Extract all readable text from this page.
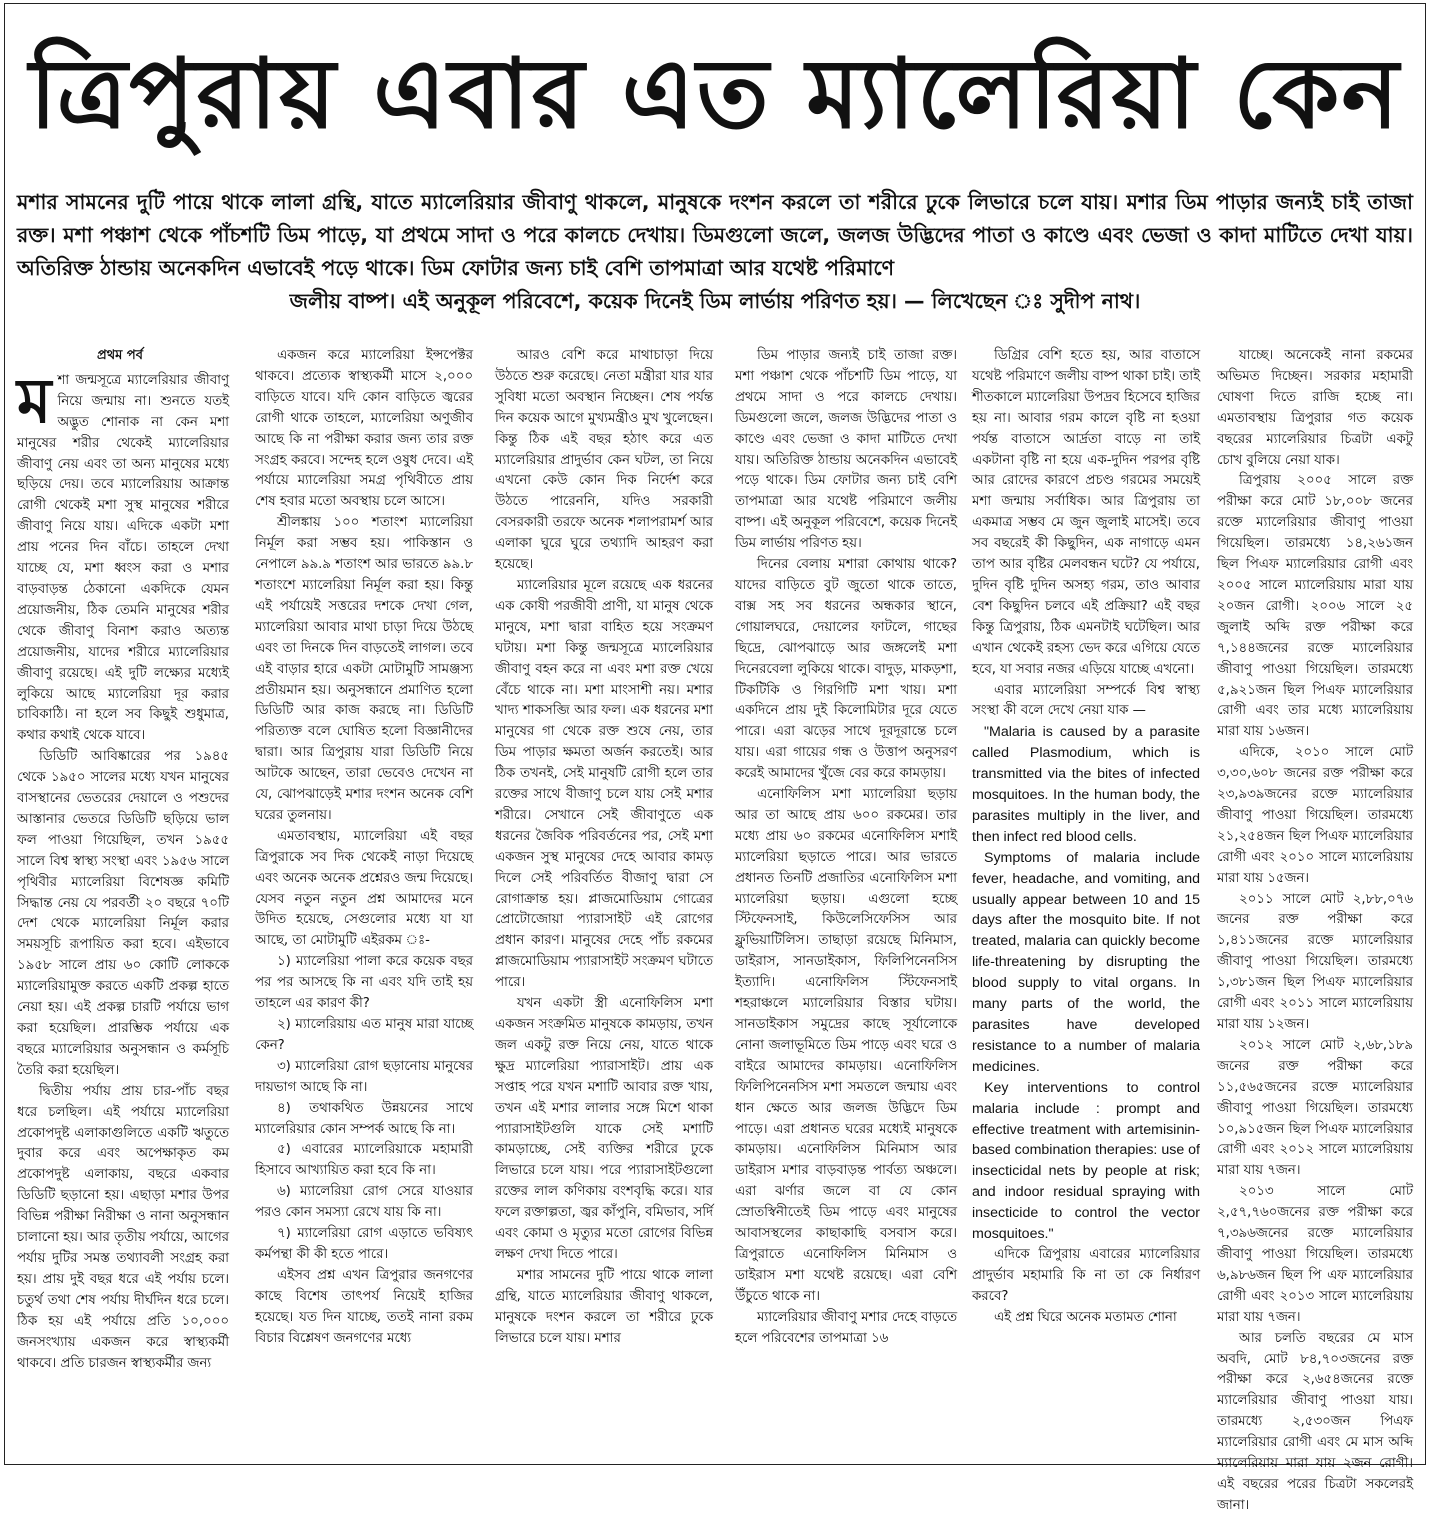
ত্রিপুরায় এবার এত ম্যালেরিয়া কেন
মশার সামনের দুটি পায়ে থাকে লালা গ্রন্থি, যাতে ম্যালেরিয়ার জীবাণু থাকলে, মানুষকে দংশন করলে তা শরীরে ঢুকে লিভারে চলে যায়। মশার ডিম পাড়ার জন্যই চাই তাজা রক্ত। মশা পঞ্চাশ থেকে পাঁচশটি ডিম পাড়ে, যা প্রথমে সাদা ও পরে কালচে দেখায়। ডিমগুলো জলে, জলজ উদ্ভিদের পাতা ও কাণ্ডে এবং ভেজা ও কাদা মাটিতে দেখা যায়। অতিরিক্ত ঠান্ডায় অনেকদিন এভাবেই পড়ে থাকে। ডিম ফোটার জন্য চাই বেশি তাপমাত্রা আর যথেষ্ট পরিমাণে
জলীয় বাষ্প। এই অনুকূল পরিবেশে, কয়েক দিনেই ডিম লার্ভায় পরিণত হয়। — লিখেছেন ঃ সুদীপ নাথ।
প্রথম পর্ব

মশা জন্মসূত্রে ম্যালেরিয়ার জীবাণু নিয়ে জন্মায় না। শুনতে যতই অদ্ভুত শোনাক না কেন মশা মানুষের শরীর থেকেই ম্যালেরিয়ার জীবাণু নেয় এবং তা অন্য মানুষের মধ্যে ছড়িয়ে দেয়। তবে ম্যালেরিয়ায় আক্রান্ত রোগী থেকেই মশা সুস্থ মানুষের শরীরে জীবাণু নিয়ে যায়। এদিকে একটা মশা প্রায় পনের দিন বাঁচে। তাহলে দেখা যাচ্ছে যে, মশা ধ্বংস করা ও মশার বাড়বাড়ন্ত ঠেকানো একদিকে যেমন প্রয়োজনীয়, ঠিক তেমনি মানুষের শরীর থেকে জীবাণু বিনাশ করাও অত্যন্ত প্রয়োজনীয়, যাদের শরীরে ম্যালেরিয়ার জীবাণু রয়েছে। এই দুটি লক্ষ্যের মধ্যেই লুকিয়ে আছে ম্যালেরিয়া দূর করার চাবিকাঠি। না হলে সব কিছুই শুধুমাত্র, কথার কথাই থেকে যাবে।

ডিডিটি আবিষ্কারের পর ১৯৪৫ থেকে ১৯৫০ সালের মধ্যে যখন মানুষের বাসস্থানের ভেতরের দেয়ালে ও পশুদের আস্তানার ভেতরে ডিডিটি ছড়িয়ে ভাল ফল পাওয়া গিয়েছিল, তখন ১৯৫৫ সালে বিশ্ব স্বাস্থ্য সংস্থা এবং ১৯৫৬ সালে পৃথিবীর ম্যালেরিয়া বিশেষজ্ঞ কমিটি সিদ্ধান্ত নেয় যে পরবর্তী ২০ বছরে ৭০টি দেশ থেকে ম্যালেরিয়া নির্মূল করার সময়সূচি রূপায়িত করা হবে। এইভাবে ১৯৫৮ সালে প্রায় ৬০ কোটি লোককে ম্যালেরিয়ামুক্ত করতে একটি প্রকল্প হাতে নেয়া হয়। এই প্রকল্প চারটি পর্যায়ে ভাগ করা হয়েছিল। প্রারম্ভিক পর্যায়ে এক বছরে ম্যালেরিয়ার অনুসন্ধান ও কর্মসূচি তৈরি করা হয়েছিল।

দ্বিতীয় পর্যায় প্রায় চার-পাঁচ বছর ধরে চলছিল। এই পর্যায়ে ম্যালেরিয়া প্রকোপদুষ্ট এলাকাগুলিতে একটি ঋতুতে দুবার করে এবং অপেক্ষাকৃত কম প্রকোপদুষ্ট এলাকায়, বছরে একবার ডিডিটি ছড়ানো হয়। এছাড়া মশার উপর বিভিন্ন পরীক্ষা নিরীক্ষা ও নানা অনুসন্ধান চালানো হয়। আর তৃতীয় পর্যায়ে, আগের পর্যায় দুটির সমস্ত তথ্যাবলী সংগ্রহ করা হয়। প্রায় দুই বছর ধরে এই পর্যায় চলে। চতুর্থ তথা শেষ পর্যায় দীর্ঘদিন ধরে চলে। ঠিক হয় এই পর্যায়ে প্রতি ১০,০০০ জনসংখ্যায় একজন করে স্বাস্থ্যকর্মী থাকবে। প্রতি চারজন স্বাস্থ্যকর্মীর জন্য

একজন করে ম্যালেরিয়া ইন্সপেক্টর থাকবে। প্রত্যেক স্বাস্থ্যকর্মী মাসে ২,০০০ বাড়িতে যাবে। যদি কোন বাড়িতে জ্বরের রোগী থাকে তাহলে, ম্যালেরিয়া অণুজীব আছে কি না পরীক্ষা করার জন্য তার রক্ত সংগ্রহ করবে। সন্দেহ হলে ওষুধ দেবে। এই পর্যায়ে ম্যালেরিয়া সমগ্র পৃথিবীতে প্রায় শেষ হবার মতো অবস্থায় চলে আসে।

শ্রীলঙ্কায় ১০০ শতাংশ ম্যালেরিয়া নির্মূল করা সম্ভব হয়। পাকিস্তান ও নেপালে ৯৯.৯ শতাংশ আর ভারতে ৯৯.৮ শতাংশে ম্যালেরিয়া নির্মূল করা হয়। কিন্তু এই পর্যায়েই সত্তরের দশকে দেখা গেল, ম্যালেরিয়া আবার মাথা চাড়া দিয়ে উঠছে এবং তা দিনকে দিন বাড়তেই লাগল। তবে এই বাড়ার হারে একটা মোটামুটি সামঞ্জস্য প্রতীয়মান হয়। অনুসন্ধানে প্রমাণিত হলো ডিডিটি আর কাজ করছে না। ডিডিটি পরিত্যক্ত বলে ঘোষিত হলো বিজ্ঞানীদের দ্বারা। আর ত্রিপুরায় যারা ডিডিটি নিয়ে আটকে আছেন, তারা ভেবেও দেখেন না যে, ঝোপঝাড়েই মশার দংশন অনেক বেশি ঘরের তুলনায়।

এমতাবস্থায়, ম্যালেরিয়া এই বছর ত্রিপুরাকে সব দিক থেকেই নাড়া দিয়েছে এবং অনেক অনেক প্রশ্নেরও জন্ম দিয়েছে। যেসব নতুন নতুন প্রশ্ন আমাদের মনে উদিত হয়েছে, সেগুলোর মধ্যে যা যা আছে, তা মোটামুটি এইরকম ঃ-

১) ম্যালেরিয়া পালা করে কয়েক বছর পর পর আসছে কি না এবং যদি তাই হয় তাহলে এর কারণ কী?

২) ম্যালেরিয়ায় এত মানুষ মারা যাচ্ছে কেন?

৩) ম্যালেরিয়া রোগ ছড়ানোয় মানুষের দায়ভাগ আছে কি না।

৪) তথাকথিত উন্নয়নের সাথে ম্যালেরিয়ার কোন সম্পর্ক আছে কি না।

৫) এবারের ম্যালেরিয়াকে মহামারী হিসাবে আখ্যায়িত করা হবে কি না।

৬) ম্যালেরিয়া রোগ সেরে যাওয়ার পরও কোন সমস্যা রেখে যায় কি না।

৭) ম্যালেরিয়া রোগ এড়াতে ভবিষ্যৎ কর্মপন্থা কী কী হতে পারে।

এইসব প্রশ্ন এখন ত্রিপুরার জনগণের কাছে বিশেষ তাৎপর্য নিয়েই হাজির হয়েছে। যত দিন যাচ্ছে, ততই নানা রকম বিচার বিশ্লেষণ জনগণের মধ্যে

আরও বেশি করে মাথাচাড়া দিয়ে উঠতে শুরু করেছে। নেতা মন্ত্রীরা যার যার সুবিধা মতো অবস্থান নিচ্ছেন। শেষ পর্যন্ত দিন কয়েক আগে মুখ্যমন্ত্রীও মুখ খুলেছেন। কিন্তু ঠিক এই বছর হঠাৎ করে এত ম্যালেরিয়ার প্রাদুর্ভাব কেন ঘটল, তা নিয়ে এখনো কেউ কোন দিক নির্দেশ করে উঠতে পারেননি, যদিও সরকারী বেসরকারী তরফে অনেক শলাপরামর্শ আর এলাকা ঘুরে ঘুরে তথ্যাদি আহরণ করা হয়েছে।

ম্যালেরিয়ার মূলে রয়েছে এক ধরনের এক কোষী পরজীবী প্রাণী, যা মানুষ থেকে মানুষে, মশা দ্বারা বাহিত হয়ে সংক্রমণ ঘটায়। মশা কিন্তু জন্মসূত্রে ম্যালেরিয়ার জীবাণু বহন করে না এবং মশা রক্ত খেয়ে বেঁচে থাকে না। মশা মাংসাশী নয়। মশার খাদ্য শাকসব্জি আর ফল। এক ধরনের মশা মানুষের গা থেকে রক্ত শুষে নেয়, তার ডিম পাড়ার ক্ষমতা অর্জন করতেই। আর ঠিক তখনই, সেই মানুষটি রোগী হলে তার রক্তের সাথে বীজাণু চলে যায় সেই মশার শরীরে। সেখানে সেই জীবাণুতে এক ধরনের জৈবিক পরিবর্তনের পর, সেই মশা একজন সুস্থ মানুষের দেহে আবার কামড় দিলে সেই পরিবর্তিত বীজাণু দ্বারা সে রোগাক্রান্ত হয়। প্লাজমোডিয়াম গোত্রের প্রোটোজোয়া প্যারাসাইট এই রোগের প্রধান কারণ। মানুষের দেহে পাঁচ রকমের প্লাজমোডিয়াম প্যারাসাইট সংক্রমণ ঘটাতে পারে।

যখন একটা স্ত্রী এনোফিলিস মশা একজন সংক্রমিত মানুষকে কামড়ায়, তখন জল একটু রক্ত নিয়ে নেয়, যাতে থাকে ক্ষুদ্র ম্যালেরিয়া প্যারাসাইট। প্রায় এক সপ্তাহ পরে যখন মশাটি আবার রক্ত খায়, তখন এই মশার লালার সঙ্গে মিশে থাকা প্যারাসাইটগুলি যাকে সেই মশাটি কামড়াচ্ছে, সেই ব্যক্তির শরীরে ঢুকে লিভারে চলে যায়। পরে প্যারাসাইটগুলো রক্তের লাল কণিকায় বংশবৃদ্ধি করে। যার ফলে রক্তাল্পতা, জ্বর কাঁপুনি, বমিভাব, সর্দি এবং কোমা ও মৃত্যুর মতো রোগের বিভিন্ন লক্ষণ দেখা দিতে পারে।

মশার সামনের দুটি পায়ে থাকে লালা গ্রন্থি, যাতে ম্যালেরিয়ার জীবাণু থাকলে, মানুষকে দংশন করলে তা শরীরে ঢুকে লিভারে চলে যায়। মশার

ডিম পাড়ার জন্যই চাই তাজা রক্ত। মশা পঞ্চাশ থেকে পাঁচশটি ডিম পাড়ে, যা প্রথমে সাদা ও পরে কালচে দেখায়। ডিমগুলো জলে, জলজ উদ্ভিদের পাতা ও কাণ্ডে এবং ভেজা ও কাদা মাটিতে দেখা যায়। অতিরিক্ত ঠান্ডায় অনেকদিন এভাবেই পড়ে থাকে। ডিম ফোটার জন্য চাই বেশি তাপমাত্রা আর যথেষ্ট পরিমাণে জলীয় বাষ্প। এই অনুকূল পরিবেশে, কয়েক দিনেই ডিম লার্ভায় পরিণত হয়।

দিনের বেলায় মশারা কোথায় থাকে? যাদের বাড়িতে বুট জুতো থাকে তাতে, বাক্স সহ সব ধরনের অন্ধকার স্থানে, গোয়ালঘরে, দেয়ালের ফাটলে, গাছের ছিদ্রে, ঝোপঝাড়ে আর জঙ্গলেই মশা দিনেরবেলা লুকিয়ে থাকে। বাদুড়, মাকড়শা, টিকটিকি ও গিরগিটি মশা খায়। মশা একদিনে প্রায় দুই কিলোমিটার দূরে যেতে পারে। এরা ঝড়ের সাথে দূরদূরান্তে চলে যায়। এরা গায়ের গন্ধ ও উত্তাপ অনুসরণ করেই আমাদের খুঁজে বের করে কামড়ায়।

এনোফিলিস মশা ম্যালেরিয়া ছড়ায় আর তা আছে প্রায় ৬০০ রকমের। তার মধ্যে প্রায় ৬০ রকমের এনোফিলিস মশাই ম্যালেরিয়া ছড়াতে পারে। আর ভারতে প্রধানত তিনটি প্রজাতির এনোফিলিস মশা ম্যালেরিয়া ছড়ায়। এগুলো হচ্ছে স্টিফেনসাই, কিউলেসিফেসিস আর ফ্লুভিয়াটিলিস। তাছাড়া রয়েছে মিনিমাস, ডাইরাস, সানডাইকাস, ফিলিপিনেনসিস ইত্যাদি। এনোফিলিস স্টিফেনসাই শহরাঞ্চলে ম্যালেরিয়ার বিস্তার ঘটায়। সানডাইকাস সমুদ্রের কাছে সূর্যালোকে নোনা জলাভূমিতে ডিম পাড়ে এবং ঘরে ও বাইরে আমাদের কামড়ায়। এনোফিলিস ফিলিপিনেনসিস মশা সমতলে জন্মায় এবং ধান ক্ষেতে আর জলজ উদ্ভিদে ডিম পাড়ে। এরা প্রধানত ঘরের মধ্যেই মানুষকে কামড়ায়। এনোফিলিস মিনিমাস আর ডাইরাস মশার বাড়বাড়ন্ত পার্বত্য অঞ্চলে। এরা ঝর্ণার জলে বা যে কোন স্রোতস্বিনীতেই ডিম পাড়ে এবং মানুষের আবাসস্থলের কাছাকাছি বসবাস করে। ত্রিপুরাতে এনোফিলিস মিনিমাস ও ডাইরাস মশা যথেষ্ট রয়েছে। এরা বেশি উঁচুতে থাকে না।

ম্যালেরিয়ার জীবাণু মশার দেহে বাড়তে হলে পরিবেশের তাপমাত্রা ১৬

ডিগ্রির বেশি হতে হয়, আর বাতাসে যথেষ্ট পরিমাণে জলীয় বাষ্প থাকা চাই। তাই শীতকালে ম্যালেরিয়া উপদ্রব হিসেবে হাজির হয় না। আবার গরম কালে বৃষ্টি না হওয়া পর্যন্ত বাতাসে আর্দ্রতা বাড়ে না তাই একটানা বৃষ্টি না হয়ে এক-দুদিন পরপর বৃষ্টি আর রোদের কারণে প্রচণ্ড গরমের সময়েই মশা জন্মায় সর্বাধিক। আর ত্রিপুরায় তা একমাত্র সম্ভব মে জুন জুলাই মাসেই। তবে সব বছরেই কী কিছুদিন, এক নাগাড়ে এমন তাপ আর বৃষ্টির মেলবন্ধন ঘটে? যে পর্যায়ে, দুদিন বৃষ্টি দুদিন অসহ্য গরম, তাও আবার বেশ কিছুদিন চলবে এই প্রক্রিয়া? এই বছর কিন্তু ত্রিপুরায়, ঠিক এমনটাই ঘটেছিল। আর এখান থেকেই রহস্য ভেদ করে এগিয়ে যেতে হবে, যা সবার নজর এড়িয়ে যাচ্ছে এখনো।

এবার ম্যালেরিয়া সম্পর্কে বিশ্ব স্বাস্থ্য সংস্থা কী বলে দেখে নেয়া যাক —

"Malaria is caused by a parasite called Plasmodium, which is transmitted via the bites of infected mosquitoes. In the human body, the parasites multiply in the liver, and then infect red blood cells.

Symptoms of malaria include fever, headache, and vomiting, and usually appear between 10 and 15 days after the mosquito bite. If not treated, malaria can quickly become life-threatening by disrupting the blood supply to vital organs. In many parts of the world, the parasites have developed resistance to a number of malaria medicines.

Key interventions to control malaria include : prompt and effective treatment with artemisinin-based combination therapies: use of insecticidal nets by people at risk; and indoor residual spraying with insecticide to control the vector mosquitoes."

এদিকে ত্রিপুরায় এবারের ম্যালেরিয়ার প্রাদুর্ভাব মহামারি কি না তা কে নির্ধারণ করবে?

এই প্রশ্ন ঘিরে অনেক মতামত শোনা

যাচ্ছে। অনেকেই নানা রকমের অভিমত দিচ্ছেন। সরকার মহামারী ঘোষণা দিতে রাজি হচ্ছে না। এমতাবস্থায় ত্রিপুরার গত কয়েক বছরের ম্যালেরিয়ার চিত্রটা একটু চোখ বুলিয়ে নেয়া যাক।

ত্রিপুরায় ২০০৫ সালে রক্ত পরীক্ষা করে মোট ১৮,০০৮ জনের রক্তে ম্যালেরিয়ার জীবাণু পাওয়া গিয়েছিল। তারমধ্যে ১৪,২৬১জন ছিল পিএফ ম্যালেরিয়ার রোগী এবং ২০০৫ সালে ম্যালেরিয়ায় মারা যায় ২০জন রোগী। ২০০৬ সালে ২৫ জুলাই অব্দি রক্ত পরীক্ষা করে ৭,১৪৪জনের রক্তে ম্যালেরিয়ার জীবাণু পাওয়া গিয়েছিল। তারমধ্যে ৫,৯২১জন ছিল পিএফ ম্যালেরিয়ার রোগী এবং তার মধ্যে ম্যালেরিয়ায় মারা যায় ১৬জন।

এদিকে, ২০১০ সালে মোট ৩,৩০,৬০৮ জনের রক্ত পরীক্ষা করে ২৩,৯৩৯জনের রক্তে ম্যালেরিয়ার জীবাণু পাওয়া গিয়েছিল। তারমধ্যে ২১,২৫৪জন ছিল পিএফ ম্যালেরিয়ার রোগী এবং ২০১০ সালে ম্যালেরিয়ায় মারা যায় ১৫জন।

২০১১ সালে মোট ২,৮৮,০৭৬ জনের রক্ত পরীক্ষা করে ১,৪১১জনের রক্তে ম্যালেরিয়ার জীবাণু পাওয়া গিয়েছিল। তারমধ্যে ১,৩৮১জন ছিল পিএফ ম্যালেরিয়ার রোগী এবং ২০১১ সালে ম্যালেরিয়ায় মারা যায় ১২জন।

২০১২ সালে মোট ২,৬৮,১৮৯ জনের রক্ত পরীক্ষা করে ১১,৫৬৫জনের রক্তে ম্যালেরিয়ার জীবাণু পাওয়া গিয়েছিল। তারমধ্যে ১০,৯১৫জন ছিল পিএফ ম্যালেরিয়ার রোগী এবং ২০১২ সালে ম্যালেরিয়ায় মারা যায় ৭জন।

২০১৩ সালে মোট ২,৫৭,৭৬০জনের রক্ত পরীক্ষা করে ৭,৩৯৬জনের রক্তে ম্যালেরিয়ার জীবাণু পাওয়া গিয়েছিল। তারমধ্যে ৬,৯৮৬জন ছিল পি এফ ম্যালেরিয়ার রোগী এবং ২০১৩ সালে ম্যালেরিয়ায় মারা যায় ৭জন।

আর চলতি বছরের মে মাস অবদি, মোট ৮৪,৭০৩জনের রক্ত পরীক্ষা করে ২,৬৫৪জনের রক্তে ম্যালেরিয়ার জীবাণু পাওয়া যায়। তারমধ্যে ২,৫৩০জন পিএফ ম্যালেরিয়ার রোগী এবং মে মাস অব্দি ম্যালেরিয়ায় মারা যায় ২জন রোগী। এই বছরের পরের চিত্রটা সকলেরই জানা।
